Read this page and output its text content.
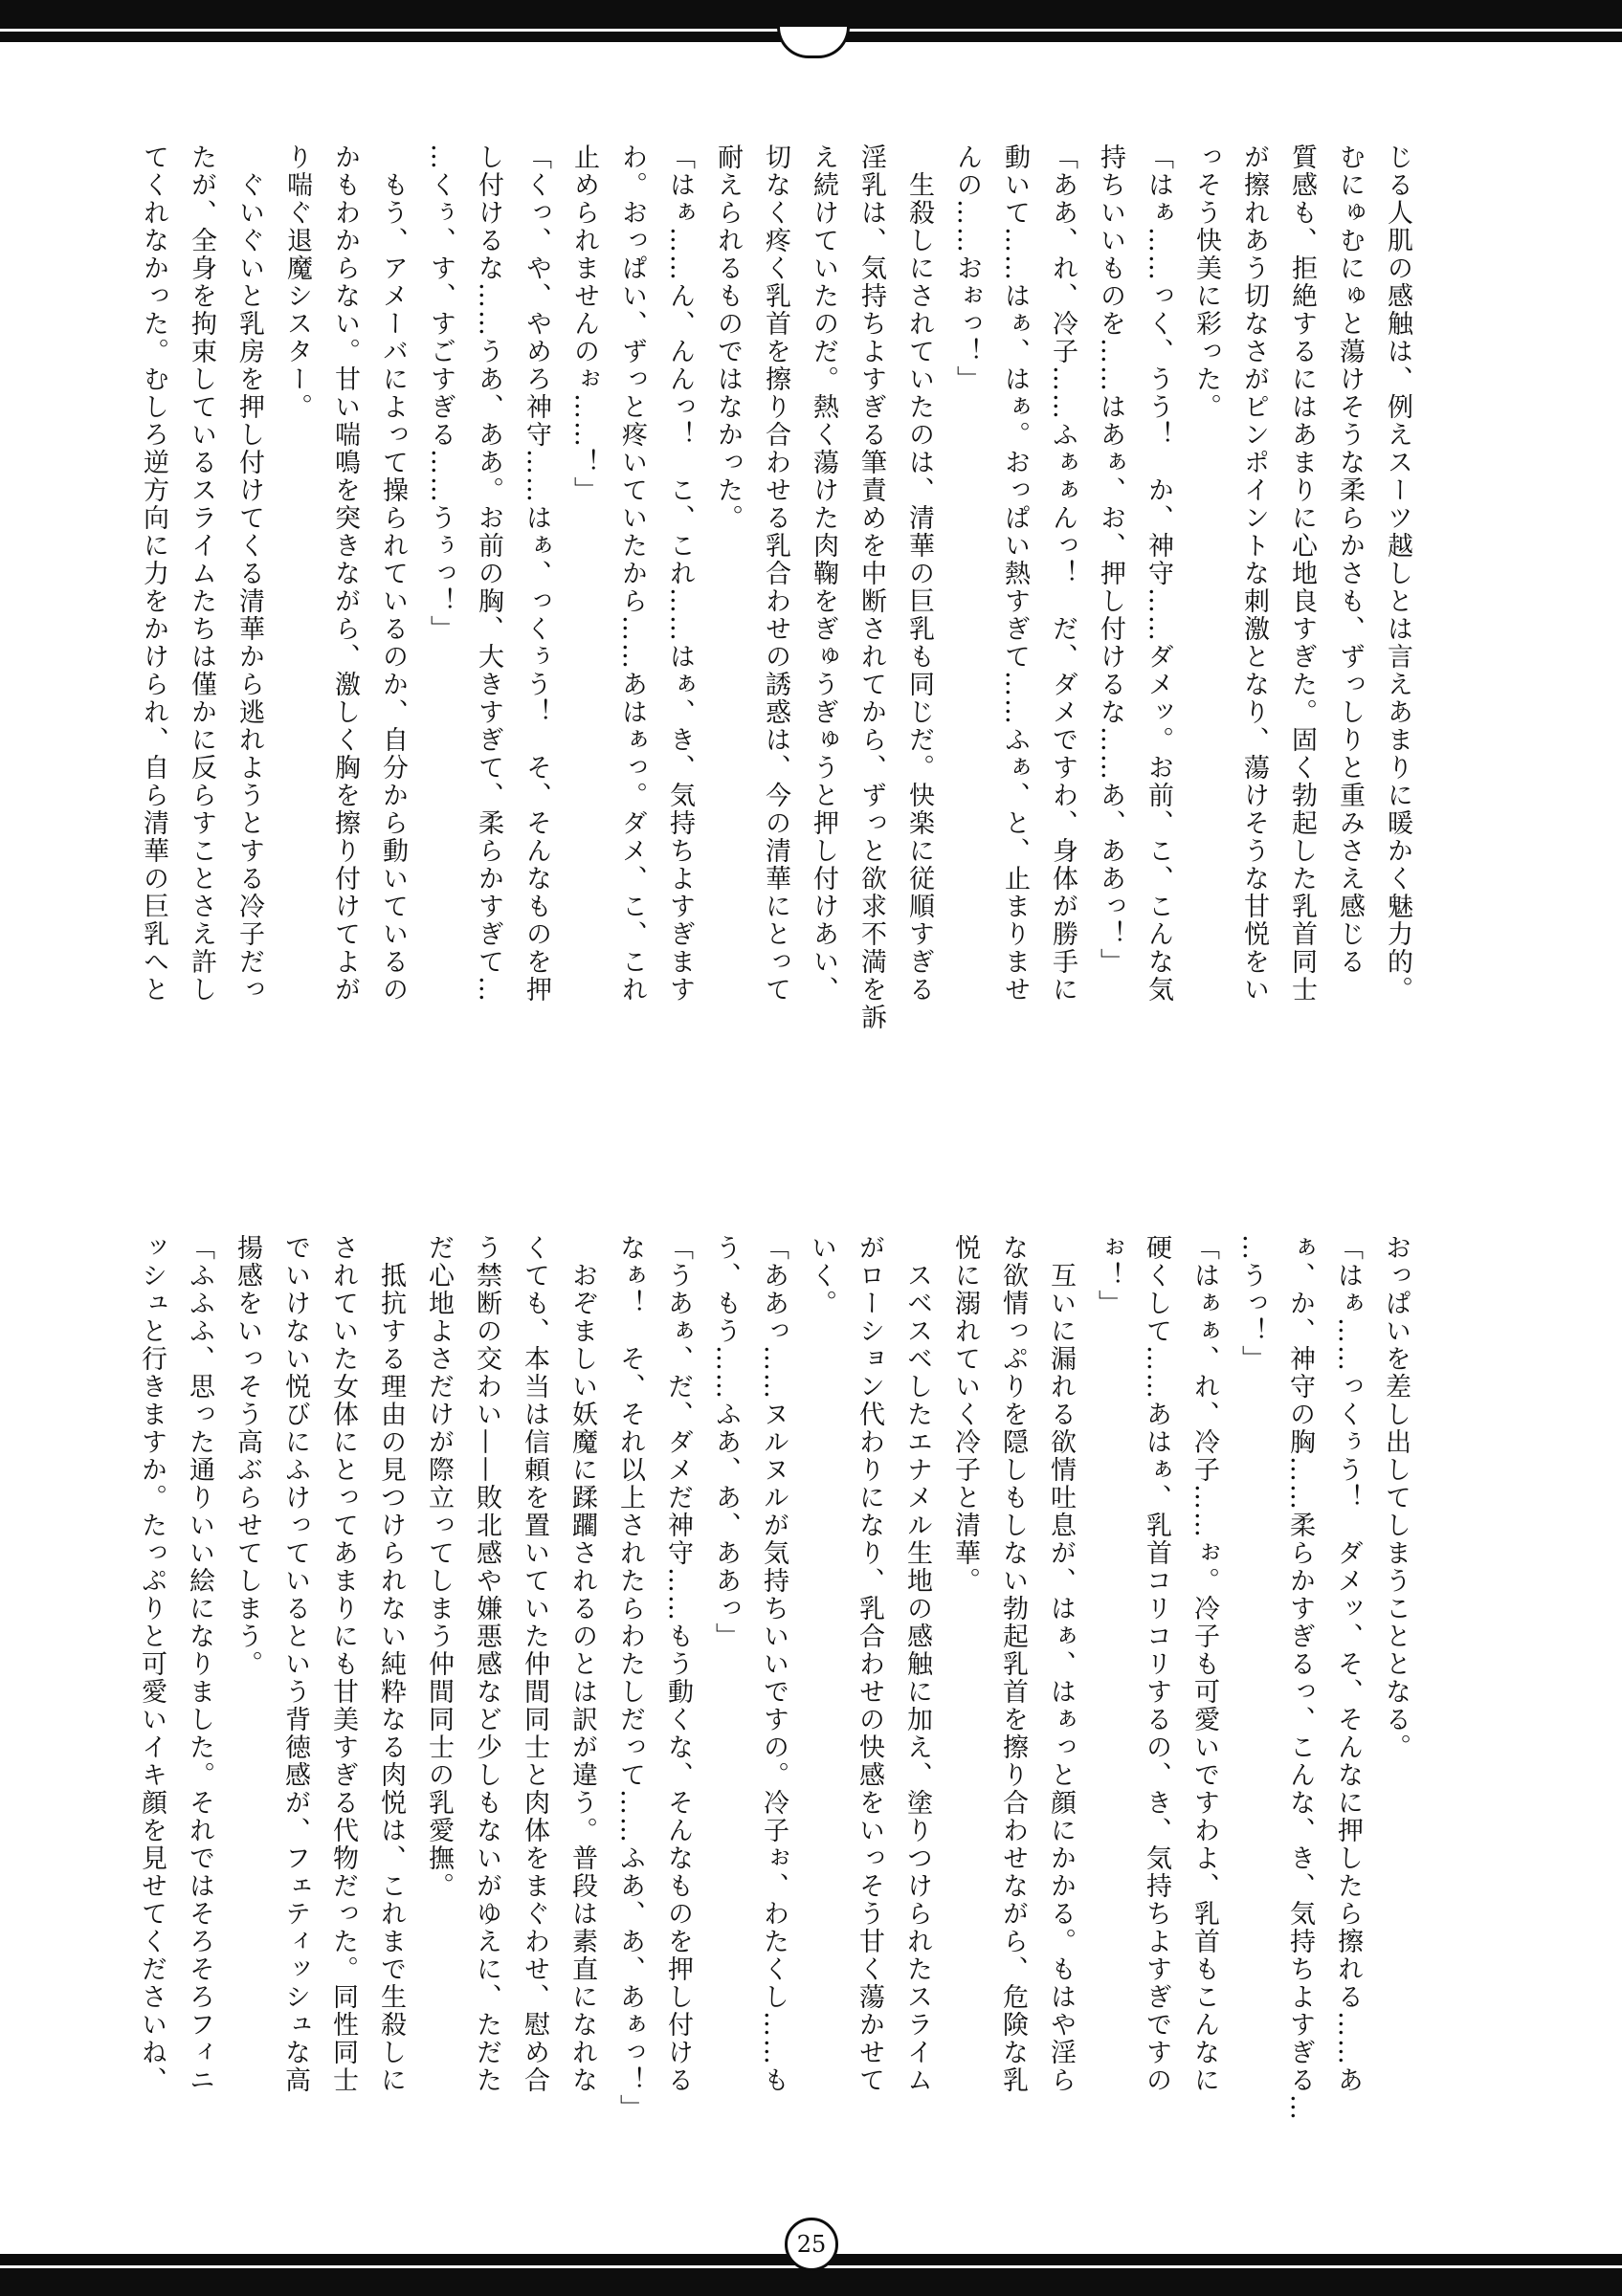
じる人肌の感触は、例えスーツ越しとは言えあまりに暖かく魅力的。
むにゅむにゅと蕩けそうな柔らかさも、ずっしりと重みさえ感じる
質感も、拒絶するにはあまりに心地良すぎた。固く勃起した乳首同士
が擦れあう切なさがピンポイントな刺激となり、蕩けそうな甘悦をい
っそう快美に彩った。
「はぁ……っく、うう！　か、神守……ダメッ。お前、こ、こんな気
持ちいいものを……はあぁ、お、押し付けるな……あ、ああっ！」
「ああ、れ、冷子……ふぁぁんっ！　だ、ダメですわ、身体が勝手に
動いて……はぁ、はぁ。おっぱい熱すぎて……ふぁ、と、止まりませ
んの……おぉっ！」
　生殺しにされていたのは、清華の巨乳も同じだ。快楽に従順すぎる
淫乳は、気持ちよすぎる筆責めを中断されてから、ずっと欲求不満を訴
え続けていたのだ。熱く蕩けた肉鞠をぎゅうぎゅうと押し付けあい、
切なく疼く乳首を擦り合わせる乳合わせの誘惑は、今の清華にとって
耐えられるものではなかった。
「はぁ……ん、んんっ！　こ、これ……はぁ、き、気持ちよすぎます
わ。おっぱい、ずっと疼いていたから……あはぁっ。ダメ、こ、これ
止められませんのぉ……！」
「くっ、や、やめろ神守……はぁ、っくぅう！　そ、そんなものを押
し付けるな……うあ、ああ。お前の胸、大きすぎて、柔らかすぎて…
…くぅ、す、すごすぎる……うぅっ！」
　もう、アメーバによって操られているのか、自分から動いているの
かもわからない。甘い喘鳴を突きながら、激しく胸を擦り付けてよが
り喘ぐ退魔シスター。
　ぐいぐいと乳房を押し付けてくる清華から逃れようとする冷子だっ
たが、全身を拘束しているスライムたちは僅かに反らすことさえ許し
てくれなかった。むしろ逆方向に力をかけられ、自ら清華の巨乳へと
おっぱいを差し出してしまうこととなる。
「はぁ……っくぅう！　ダメッ、そ、そんなに押したら擦れる……あ
ぁ、か、神守の胸……柔らかすぎるっ、こんな、き、気持ちよすぎる…
…うっ！」
「はぁぁ、れ、冷子……ぉ。冷子も可愛いですわよ、乳首もこんなに
硬くして……あはぁ、乳首コリコリするの、き、気持ちよすぎですの
ぉ！」
　互いに漏れる欲情吐息が、はぁ、はぁっと顔にかかる。もはや淫ら
な欲情っぷりを隠しもしない勃起乳首を擦り合わせながら、危険な乳
悦に溺れていく冷子と清華。
　スベスベしたエナメル生地の感触に加え、塗りつけられたスライム
がローション代わりになり、乳合わせの快感をいっそう甘く蕩かせて
いく。
「ああっ……ヌルヌルが気持ちいいですの。冷子ぉ、わたくし……も
う、もう……ふあ、あ、ああっ」
「うあぁ、だ、ダメだ神守……もう動くな、そんなものを押し付ける
なぁ！　そ、それ以上されたらわたしだって……ふあ、あ、あぁっ！」
　おぞましい妖魔に蹂躙されるのとは訳が違う。普段は素直になれな
くても、本当は信頼を置いていた仲間同士と肉体をまぐわせ、慰め合
う禁断の交わい——敗北感や嫌悪感など少しもないがゆえに、ただた
だ心地よさだけが際立ってしまう仲間同士の乳愛撫。
　抵抗する理由の見つけられない純粋なる肉悦は、これまで生殺しに
されていた女体にとってあまりにも甘美すぎる代物だった。同性同士
でいけない悦びにふけっているという背徳感が、フェティッシュな高
揚感をいっそう高ぶらせてしまう。
「ふふふ、思った通りいい絵になりました。それではそろそろフィニ
ッシュと行きますか。たっぷりと可愛いイキ顔を見せてくださいね、
25
